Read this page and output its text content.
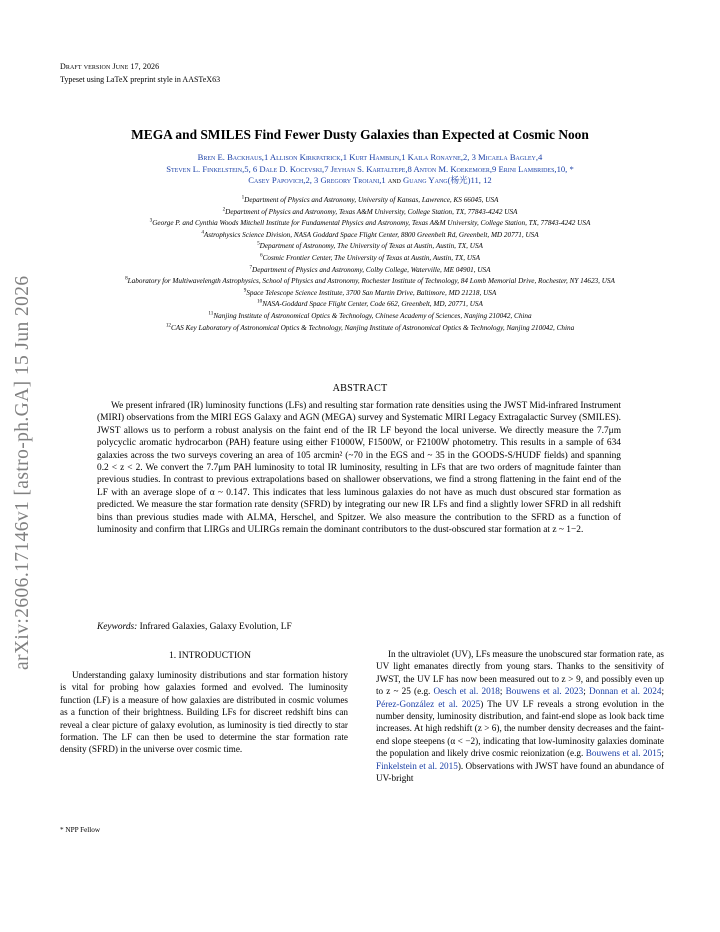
Draft version June 17, 2026
Typeset using LaTeX preprint style in AASTeX63
arXiv:2606.17146v1 [astro-ph.GA] 15 Jun 2026
MEGA and SMILES Find Fewer Dusty Galaxies than Expected at Cosmic Noon
Bren E. Backhaus,1 Allison Kirkpatrick,1 Kurt Hamblin,1 Kaila Ronayne,2, 3 Micaela Bagley,4
Steven L. Finkelstein,5, 6 Dale D. Kocevski,7 Jeyhan S. Kartaltepe,8 Anton M. Koekemoer,9 Erini Lambrides,10, *
Casey Papovich,2, 3 Gregory Troiani,1 and Guang Yang(杨光)11, 12
$^1$Department of Physics and Astronomy, University of Kansas, Lawrence, KS 66045, USA
$^2$Department of Physics and Astronomy, Texas A&M University, College Station, TX, 77843-4242 USA
$^3$George P. and Cynthia Woods Mitchell Institute for Fundamental Physics and Astronomy, Texas A&M University, College Station, TX, 77843-4242 USA
$^4$Astrophysics Science Division, NASA Goddard Space Flight Center, 8800 Greenbelt Rd, Greenbelt, MD 20771, USA
$^5$Department of Astronomy, The University of Texas at Austin, Austin, TX, USA
$^6$Cosmic Frontier Center, The University of Texas at Austin, Austin, TX, USA
$^7$Department of Physics and Astronomy, Colby College, Waterville, ME 04901, USA
$^8$Laboratory for Multiwavelength Astrophysics, School of Physics and Astronomy, Rochester Institute of Technology, 84 Lomb Memorial Drive, Rochester, NY 14623, USA
$^9$Space Telescope Science Institute, 3700 San Martin Drive, Baltimore, MD 21218, USA
$^{10}$NASA-Goddard Space Flight Center, Code 662, Greenbelt, MD, 20771, USA
$^{11}$Nanjing Institute of Astronomical Optics & Technology, Chinese Academy of Sciences, Nanjing 210042, China
$^{12}$CAS Key Laboratory of Astronomical Optics & Technology, Nanjing Institute of Astronomical Optics & Technology, Nanjing 210042, China
ABSTRACT
We present infrared (IR) luminosity functions (LFs) and resulting star formation rate densities using the JWST Mid-infrared Instrument (MIRI) observations from the MIRI EGS Galaxy and AGN (MEGA) survey and Systematic MIRI Legacy Extragalactic Survey (SMILES). JWST allows us to perform a robust analysis on the faint end of the IR LF beyond the local universe. We directly measure the 7.7μm polycyclic aromatic hydrocarbon (PAH) feature using either F1000W, F1500W, or F2100W photometry. This results in a sample of 634 galaxies across the two surveys covering an area of 105 arcmin² (~70 in the EGS and ~ 35 in the GOODS-S/HUDF fields) and spanning 0.2 < z < 2. We convert the 7.7μm PAH luminosity to total IR luminosity, resulting in LFs that are two orders of magnitude fainter than previous studies. In contrast to previous extrapolations based on shallower observations, we find a strong flattening in the faint end of the LF with an average slope of α ~ 0.147. This indicates that less luminous galaxies do not have as much dust obscured star formation as predicted. We measure the star formation rate density (SFRD) by integrating our new IR LFs and find a slightly lower SFRD in all redshift bins than previous studies made with ALMA, Herschel, and Spitzer. We also measure the contribution to the SFRD as a function of luminosity and confirm that LIRGs and ULIRGs remain the dominant contributors to the dust-obscured star formation at z ~ 1−2.
Keywords: Infrared Galaxies, Galaxy Evolution, LF
1. INTRODUCTION
Understanding galaxy luminosity distributions and star formation history is vital for probing how galaxies formed and evolved. The luminosity function (LF) is a measure of how galaxies are distributed in cosmic volumes as a function of their brightness. Building LFs for discreet redshift bins can reveal a clear picture of galaxy evolution, as luminosity is tied directly to star formation. The LF can then be used to determine the star formation rate density (SFRD) in the universe over cosmic time.
* NPP Fellow
In the ultraviolet (UV), LFs measure the unobscured star formation rate, as UV light emanates directly from young stars. Thanks to the sensitivity of JWST, the UV LF has now been measured out to z > 9, and possibly even up to z ~ 25 (e.g. Oesch et al. 2018; Bouwens et al. 2023; Donnan et al. 2024; Pérez-González et al. 2025) The UV LF reveals a strong evolution in the number density, luminosity distribution, and faint-end slope as look back time increases. At high redshift (z > 6), the number density decreases and the faint-end slope steepens (α < −2), indicating that low-luminosity galaxies dominate the population and likely drive cosmic reionization (e.g. Bouwens et al. 2015; Finkelstein et al. 2015). Observations with JWST have found an abundance of UV-bright
